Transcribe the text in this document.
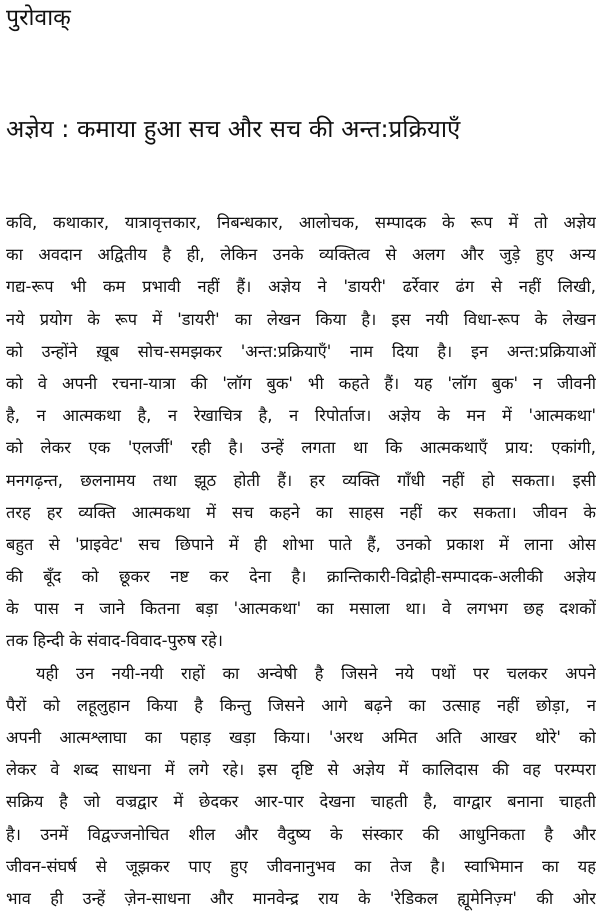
पुरोवाक्
अज्ञेय : कमाया हुआ सच और सच की अन्त:प्रक्रियाएँ
कवि, कथाकार, यात्रावृत्तकार, निबन्धकार, आलोचक, सम्पादक के रूप में तो अज्ञेय
का अवदान अद्वितीय है ही, लेकिन उनके व्यक्तित्व से अलग और जुड़े हुए अन्य
गद्य-रूप भी कम प्रभावी नहीं हैं। अज्ञेय ने 'डायरी' ढर्रेवार ढंग से नहीं लिखी,
नये प्रयोग के रूप में 'डायरी' का लेखन किया है। इस नयी विधा-रूप के लेखन
को उन्होंने ख़ूब सोच-समझकर 'अन्त:प्रक्रियाएँ' नाम दिया है। इन अन्त:प्रक्रियाओं
को वे अपनी रचना-यात्रा की 'लॉग बुक' भी कहते हैं। यह 'लॉग बुक' न जीवनी
है, न आत्मकथा है, न रेखाचित्र है, न रिपोर्ताज। अज्ञेय के मन में 'आत्मकथा'
को लेकर एक 'एलर्जी' रही है। उन्हें लगता था कि आत्मकथाएँ प्राय: एकांगी,
मनगढ़न्त, छलनामय तथा झूठ होती हैं। हर व्यक्ति गाँधी नहीं हो सकता। इसी
तरह हर व्यक्ति आत्मकथा में सच कहने का साहस नहीं कर सकता। जीवन के
बहुत से 'प्राइवेट' सच छिपाने में ही शोभा पाते हैं, उनको प्रकाश में लाना ओस
की बूँद को छूकर नष्ट कर देना है। क्रान्तिकारी-विद्रोही-सम्पादक-अलीकी अज्ञेय
के पास न जाने कितना बड़ा 'आत्मकथा' का मसाला था। वे लगभग छह दशकों
तक हिन्दी के संवाद-विवाद-पुरुष रहे।
यही उन नयी-नयी राहों का अन्वेषी है जिसने नये पथों पर चलकर अपने
पैरों को लहूलुहान किया है किन्तु जिसने आगे बढ़ने का उत्साह नहीं छोड़ा, न
अपनी आत्मश्लाघा का पहाड़ खड़ा किया। 'अरथ अमित अति आखर थोरे' को
लेकर वे शब्द साधना में लगे रहे। इस दृष्टि से अज्ञेय में कालिदास की वह परम्परा
सक्रिय है जो वज्रद्वार में छेदकर आर-पार देखना चाहती है, वाग्द्वार बनाना चाहती
है। उनमें विद्वज्जनोचित शील और वैदुष्य के संस्कार की आधुनिकता है और
जीवन-संघर्ष से जूझकर पाए हुए जीवनानुभव का तेज है। स्वाभिमान का यह
भाव ही उन्हें ज़ेन-साधना और मानवेन्द्र राय के 'रेडिकल ह्यूमेनिज़्म' की ओर
